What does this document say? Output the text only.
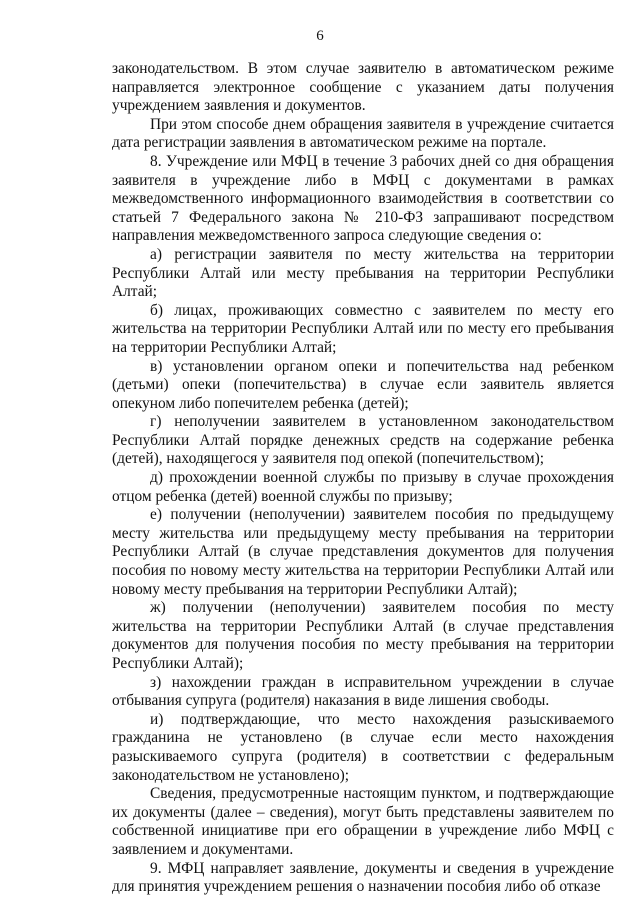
6

законодательством. В этом случае заявителю в автоматическом режиме направляется электронное сообщение с указанием даты получения учреждением заявления и документов.

При этом способе днем обращения заявителя в учреждение считается дата регистрации заявления в автоматическом режиме на портале.

8. Учреждение или МФЦ в течение 3 рабочих дней со дня обращения заявителя в учреждение либо в МФЦ с документами в рамках межведомственного информационного взаимодействия в соответствии со статьей 7 Федерального закона № 210-ФЗ запрашивают посредством направления межведомственного запроса следующие сведения о:

а) регистрации заявителя по месту жительства на территории Республики Алтай или месту пребывания на территории Республики Алтай;

б) лицах, проживающих совместно с заявителем по месту его жительства на территории Республики Алтай или по месту его пребывания на территории Республики Алтай;

в) установлении органом опеки и попечительства над ребенком (детьми) опеки (попечительства) в случае если заявитель является опекуном либо попечителем ребенка (детей);

г) неполучении заявителем в установленном законодательством Республики Алтай порядке денежных средств на содержание ребенка (детей), находящегося у заявителя под опекой (попечительством);

д) прохождении военной службы по призыву в случае прохождения отцом ребенка (детей) военной службы по призыву;

е) получении (неполучении) заявителем пособия по предыдущему месту жительства или предыдущему месту пребывания на территории Республики Алтай (в случае представления документов для получения пособия по новому месту жительства на территории Республики Алтай или новому месту пребывания на территории Республики Алтай);

ж) получении (неполучении) заявителем пособия по месту жительства на территории Республики Алтай (в случае представления документов для получения пособия по месту пребывания на территории Республики Алтай);

з) нахождении граждан в исправительном учреждении в случае отбывания супруга (родителя) наказания в виде лишения свободы.

и) подтверждающие, что место нахождения разыскиваемого гражданина не установлено (в случае если место нахождения разыскиваемого супруга (родителя) в соответствии с федеральным законодательством не установлено);

Сведения, предусмотренные настоящим пунктом, и подтверждающие их документы (далее – сведения), могут быть представлены заявителем по собственной инициативе при его обращении в учреждение либо МФЦ с заявлением и документами.

9. МФЦ направляет заявление, документы и сведения в учреждение для принятия учреждением решения о назначении пособия либо об отказе
